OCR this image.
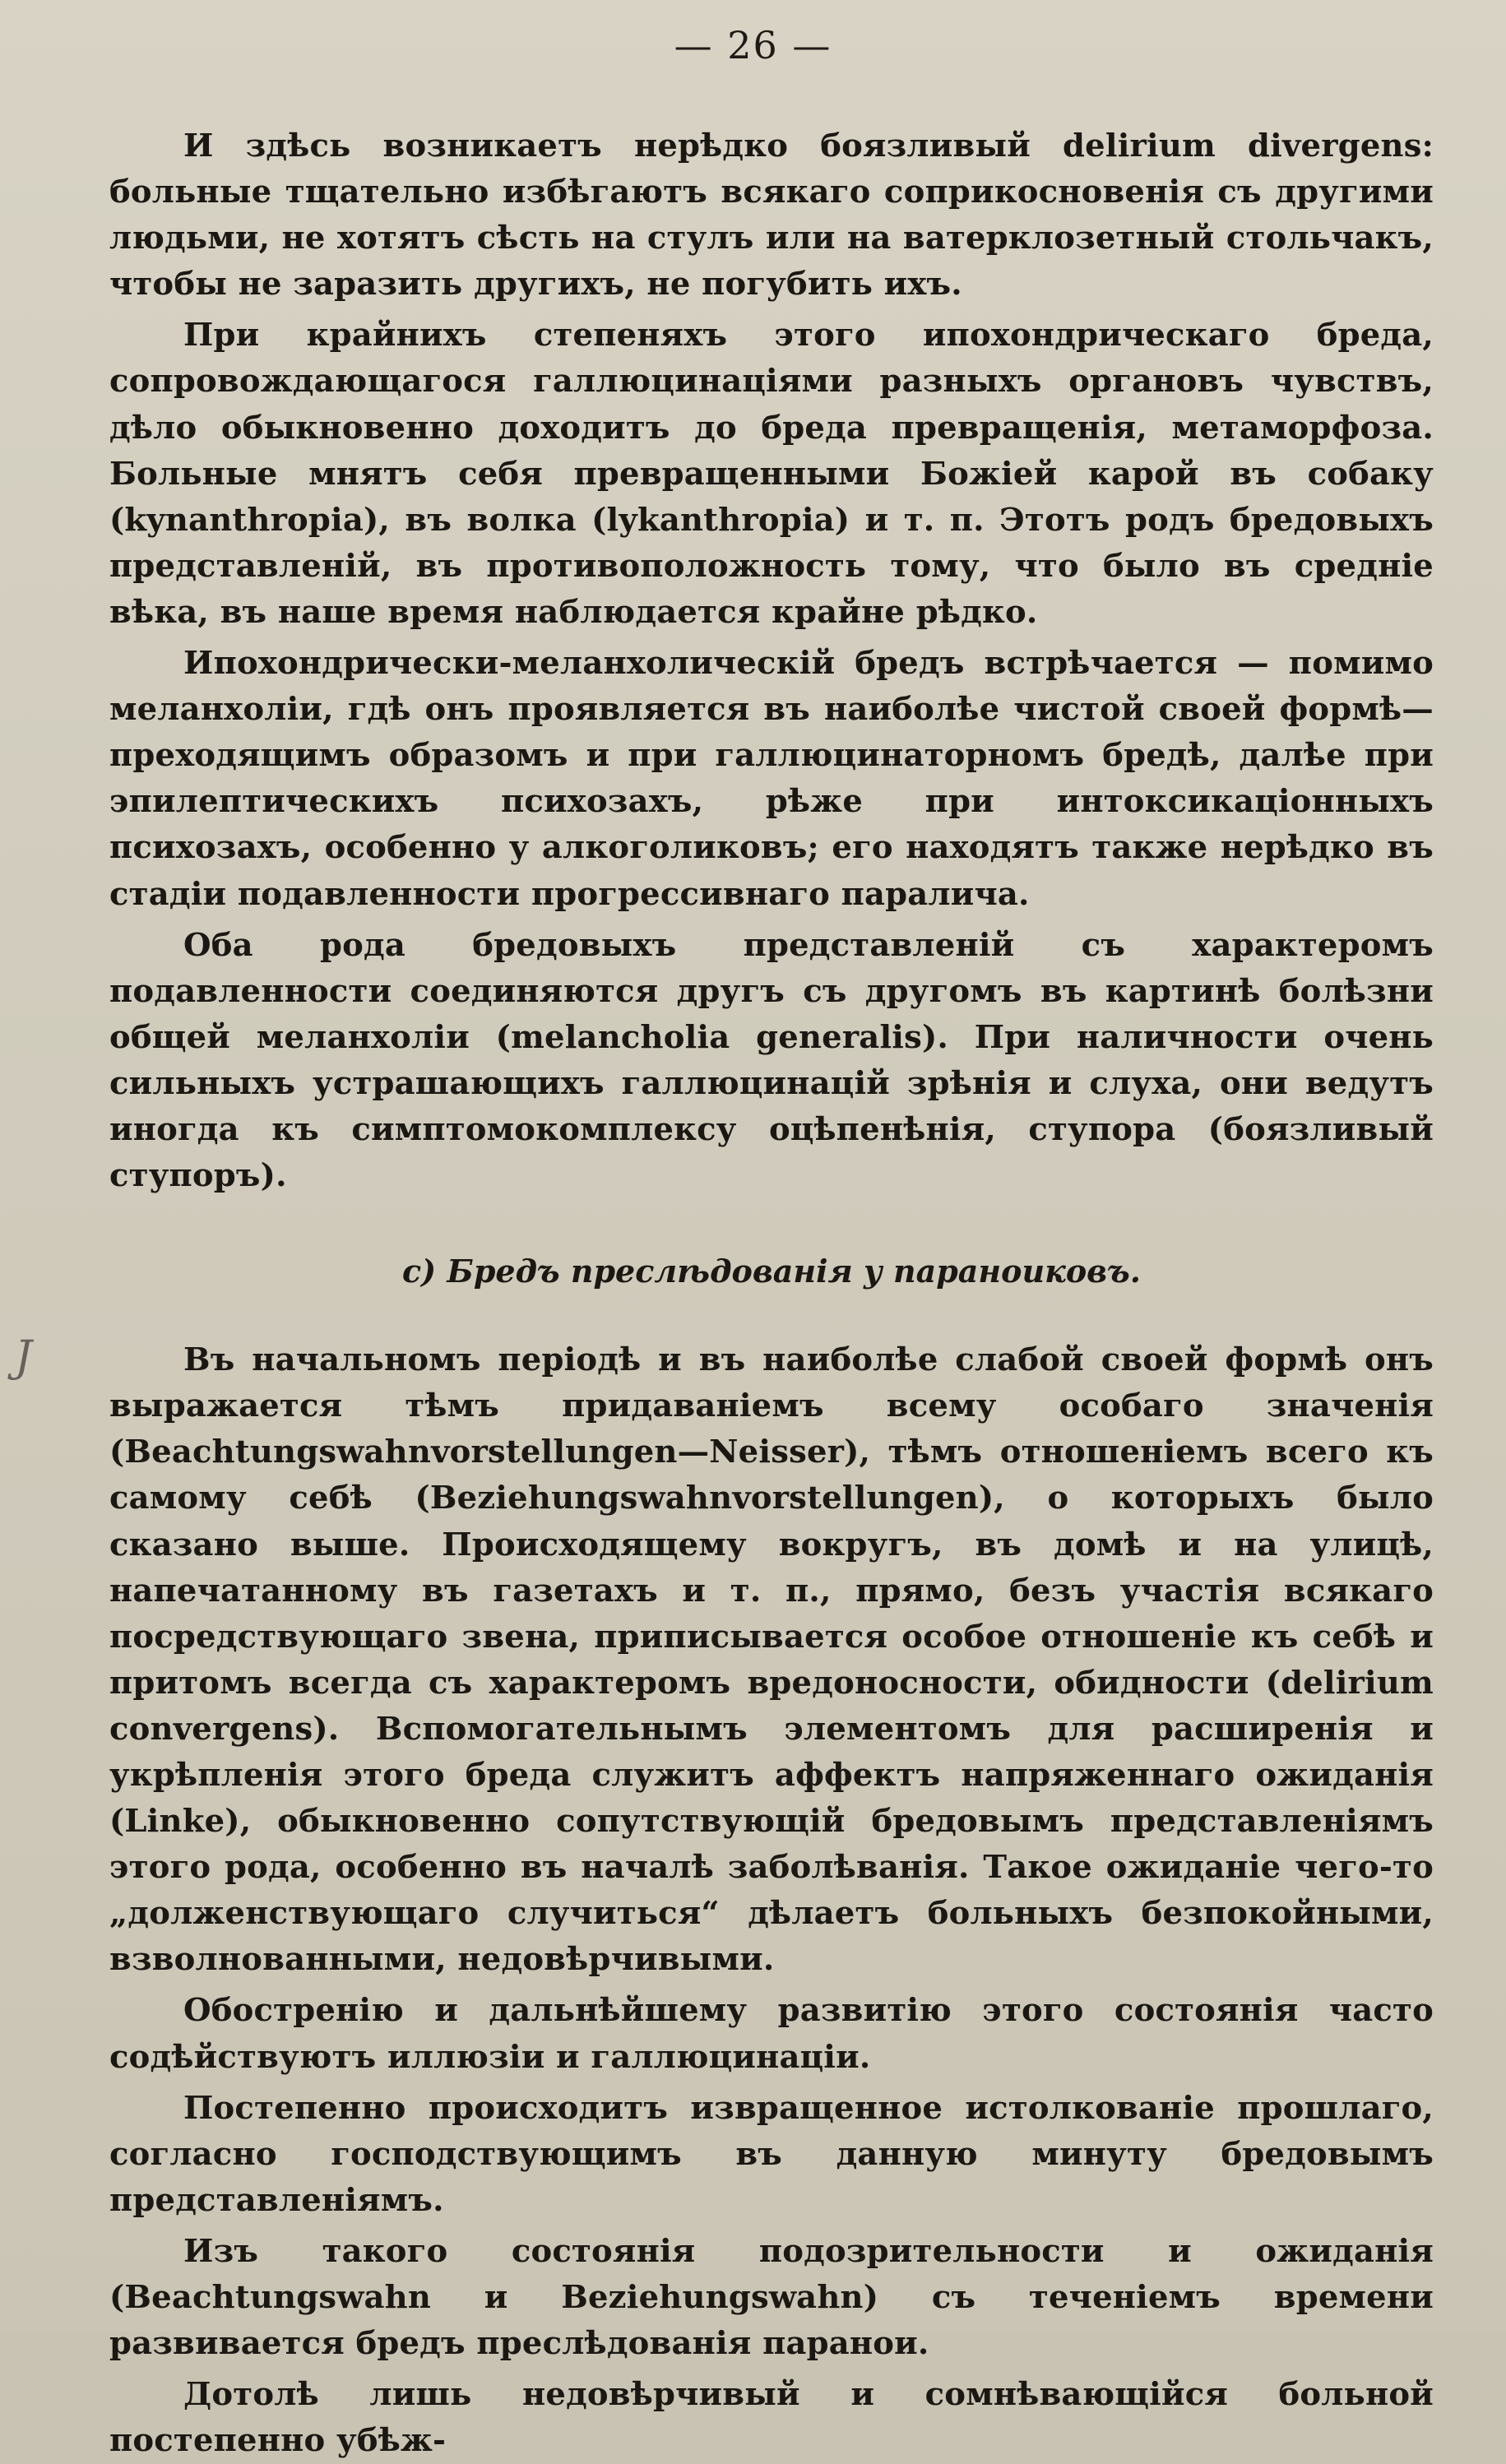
— 26 —
J

И здѣсь возникаетъ нерѣдко боязливый delirium divergens: больные тщательно избѣгаютъ всякаго соприкосновенія съ другими людьми, не хотятъ сѣсть на стулъ или на ватерклозетный стольчакъ, чтобы не заразить другихъ, не погубить ихъ.

При крайнихъ степеняхъ этого ипохондрическаго бреда, сопровождающагося галлюцинаціями разныхъ органовъ чувствъ, дѣло обыкновенно доходитъ до бреда превращенія, метаморфоза. Больные мнятъ себя превращенными Божіей карой въ собаку (kynanthropia), въ волка (lykanthropia) и т. п. Этотъ родъ бредовыхъ представленій, въ противоположность тому, что было въ средніе вѣка, въ наше время наблюдается крайне рѣдко.

Ипохондрически-меланхолическій бредъ встрѣчается — помимо меланхоліи, гдѣ онъ проявляется въ наиболѣе чистой своей формѣ—преходящимъ образомъ и при галлюцинаторномъ бредѣ, далѣе при эпилептическихъ психозахъ, рѣже при интоксикаціонныхъ психозахъ, особенно у алкоголиковъ; его находятъ также нерѣдко въ стадіи подавленности прогрессивнаго паралича.

Оба рода бредовыхъ представленій съ характеромъ подавленности соединяются другъ съ другомъ въ картинѣ болѣзни общей меланхоліи (melancholia generalis). При наличности очень сильныхъ устрашающихъ галлюцинацій зрѣнія и слуха, они ведутъ иногда къ симптомокомплексу оцѣпенѣнія, ступора (боязливый ступоръ).

c) Бредъ преслѣдованія у параноиковъ.

Въ начальномъ періодѣ и въ наиболѣе слабой своей формѣ онъ выражается тѣмъ придаваніемъ всему особаго значенія (Beachtungswahnvorstellungen—Neisser), тѣмъ отношеніемъ всего къ самому себѣ (Beziehungswahnvorstellungen), о которыхъ было сказано выше. Происходящему вокругъ, въ домѣ и на улицѣ, напечатанному въ газетахъ и т. п., прямо, безъ участія всякаго посредствующаго звена, приписывается особое отношеніе къ себѣ и притомъ всегда съ характеромъ вредоносности, обидности (delirium convergens). Вспомогательнымъ элементомъ для расширенія и укрѣпленія этого бреда служитъ аффектъ напряженнаго ожиданія (Linke), обыкновенно сопутствующій бредовымъ представленіямъ этого рода, особенно въ началѣ заболѣванія. Такое ожиданіе чего-то „долженствующаго случиться“ дѣлаетъ больныхъ безпокойными, взволнованными, недовѣрчивыми.

Обостренію и дальнѣйшему развитію этого состоянія часто содѣйствуютъ иллюзіи и галлюцинаціи.

Постепенно происходитъ извращенное истолкованіе прошлаго, согласно господствующимъ въ данную минуту бредовымъ представленіямъ.

Изъ такого состоянія подозрительности и ожиданія (Beachtungswahn и Beziehungswahn) съ теченіемъ времени развивается бредъ преслѣдованія паранои.

Дотолѣ лишь недовѣрчивый и сомнѣвающійся больной постепенно убѣж-
